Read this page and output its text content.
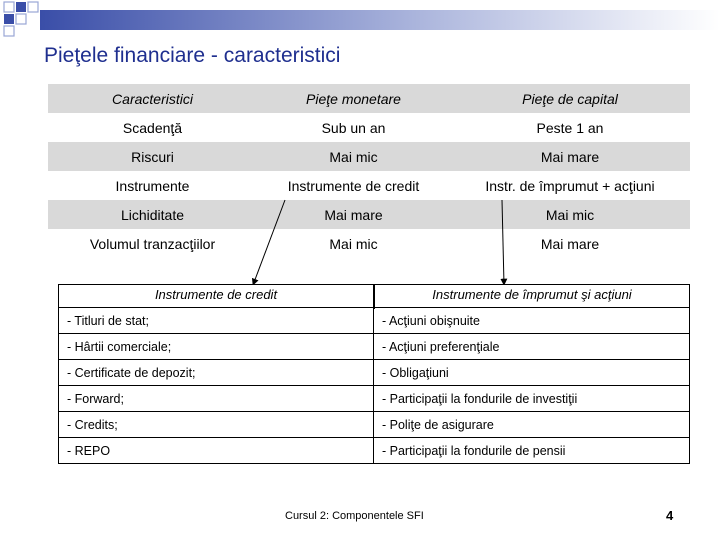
Pieţele financiare - caracteristici
Caracteristici	Pieţe monetare	Pieţe de capital
Scadenţă	Sub un an	Peste 1 an
Riscuri	Mai mic	Mai mare
Instrumente	Instrumente de credit	Instr. de împrumut + acţiuni
Lichiditate	Mai mare	Mai mic
Volumul tranzacţiilor	Mai mic	Mai mare
Instrumente de credit	Instrumente de împrumut şi acţiuni
- Titluri de stat;	- Acţiuni obişnuite
- Hârtii comerciale;	- Acţiuni preferenţiale
- Certificate de depozit;	- Obligaţiuni
- Forward;	- Participaţii la fondurile de investiţii
- Credits;	- Poliţe de asigurare
- REPO	- Participaţii la fondurile de pensii
Cursul 2: Componentele SFI	4
